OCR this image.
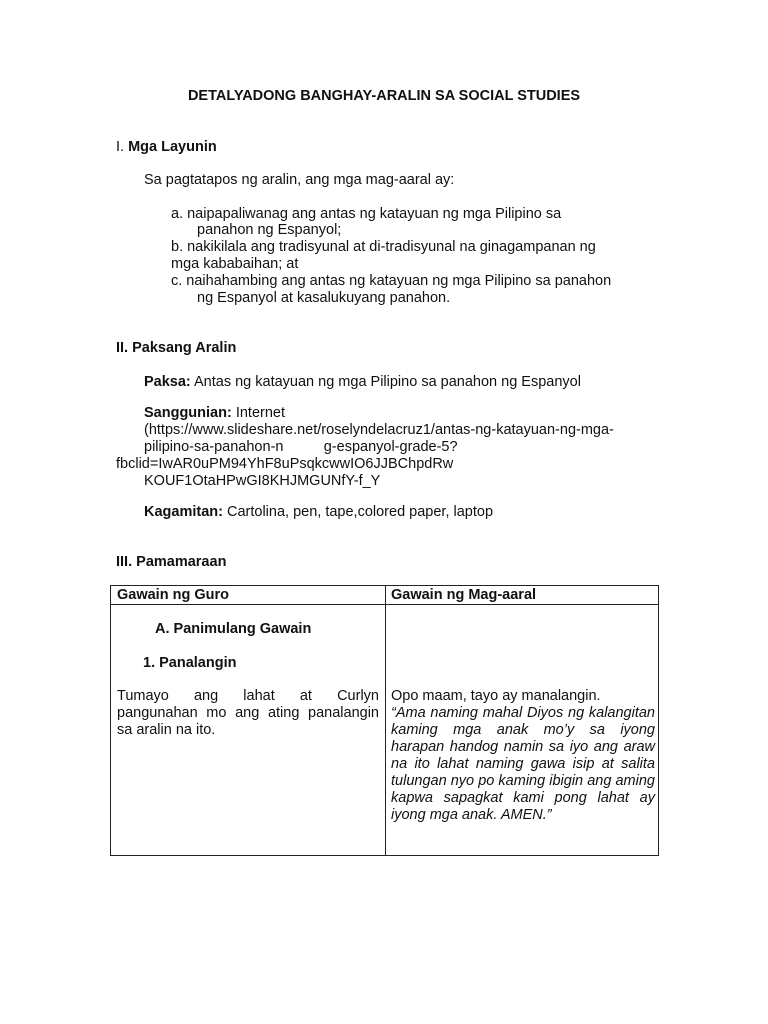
DETALYADONG BANGHAY-ARALIN SA SOCIAL STUDIES
I. Mga Layunin
Sa pagtatapos ng aralin, ang mga mag-aaral ay:
a. naipapaliwanag ang antas ng katayuan ng mga Pilipino sa
panahon ng Espanyol;
b. nakikilala ang tradisyunal at di-tradisyunal na ginagampanan ng
mga kababaihan; at
c. naihahambing ang antas ng katayuan ng mga Pilipino sa panahon
ng Espanyol at kasalukuyang panahon.
II. Paksang Aralin
Paksa: Antas ng katayuan ng mga Pilipino sa panahon ng Espanyol
Sanggunian: Internet
(https://www.slideshare.net/roselyndelacruz1/antas-ng-katayuan-ng-mga-
pilipino-sa-panahon-n          g-espanyol-grade-5?
fbclid=IwAR0uPM94YhF8uPsqkcwwIO6JJBChpdRw
KOUF1OtaHPwGI8KHJMGUNfY-f_Y
Kagamitan: Cartolina, pen, tape,colored paper, laptop
III. Pamamaraan
Gawain ng Guro	Gawain ng Mag-aaral
A. Panimulang Gawain
1. Panalangin
Tumayo ang lahat at Curlyn pangunahan mo ang ating panalangin sa aralin na ito.
Opo maam, tayo ay manalangin.
“Ama naming mahal Diyos ng kalangitan kaming mga anak mo’y sa iyong harapan handog namin sa iyo ang araw na ito lahat naming gawa isip at salita tulungan nyo po kaming ibigin ang aming kapwa sapagkat kami pong lahat ay iyong mga anak. AMEN.”
